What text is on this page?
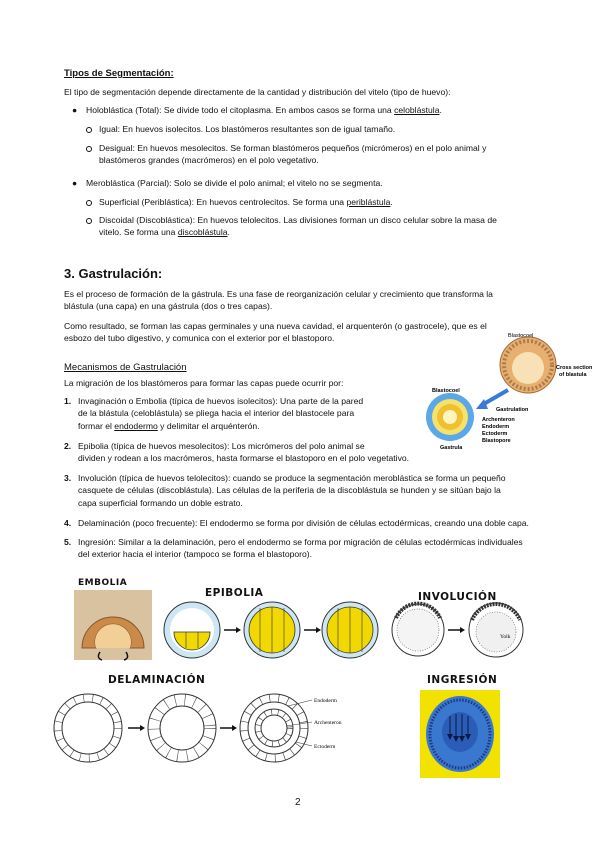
Tipos de Segmentación:

El tipo de segmentación depende directamente de la cantidad y distribución del vitelo (tipo de huevo):

● Holoblástica (Total): Se divide todo el citoplasma. En ambos casos se forma una celoblástula.
Igual: En huevos isolecitos. Los blastómeros resultantes son de igual tamaño.
Desigual: En huevos mesolecitos. Se forman blastómeros pequeños (micrómeros) en el polo animal y
blastómeros grandes (macrómeros) en el polo vegetativo.
● Meroblástica (Parcial): Solo se divide el polo animal; el vitelo no se segmenta.
Superficial (Periblástica): En huevos centrolecitos. Se forma una periblástula.
Discoidal (Discoblástica): En huevos telolecitos. Las divisiones forman un disco celular sobre la masa de
vitelo. Se forma una discoblástula.
3. Gastrulación:

Es el proceso de formación de la gástrula. Es una fase de reorganización celular y crecimiento que transforma la
blástula (una capa) en una gástrula (dos o tres capas).

Como resultado, se forman las capas germinales y una nueva cavidad, el arquenterón (o gastrocele), que es el
esbozo del tubo digestivo, y comunica con el exterior por el blastoporo.

Mecanismos de Gastrulación

La migración de los blastómeros para formar las capas puede ocurrir por:

1. Invaginación o Embolia (típica de huevos isolecitos): Una parte de la pared
de la blástula (celoblástula) se pliega hacia el interior del blastocele para
formar el endodermo y delimitar el arquénterón.
2. Epibolia (típica de huevos mesolecitos): Los micrómeros del polo animal se
dividen y rodean a los macrómeros, hasta formarse el blastoporo en el polo vegetativo.
3. Involución (típica de huevos telolecitos): cuando se produce la segmentación meroblástica se forma un pequeño
casquete de células (discoblástula). Las células de la periferia de la discoblástula se hunden y se sitúan bajo la
capa superficial formando un doble estrato.
4. Delaminación (poco frecuente): El endodermo se forma por división de células ectodérmicas, creando una doble capa.
5. Ingresión: Similar a la delaminación, pero el endodermo se forma por migración de células ectodérmicas individuales
del exterior hacia el interior (tampoco se forma el blastoporo).
Blastocoel
Cross section
of blastula
Blastocoel
Gastrulation
Archenteron
Endoderm
Ectoderm
Blastopore
Gastrula
EMBOLIA
EPIBOLIA	INVOLUCIÓN
DELAMINACIÓN	INGRESIÓN
Yolk
Endoderm
Archenteron
Ectoderm
2
